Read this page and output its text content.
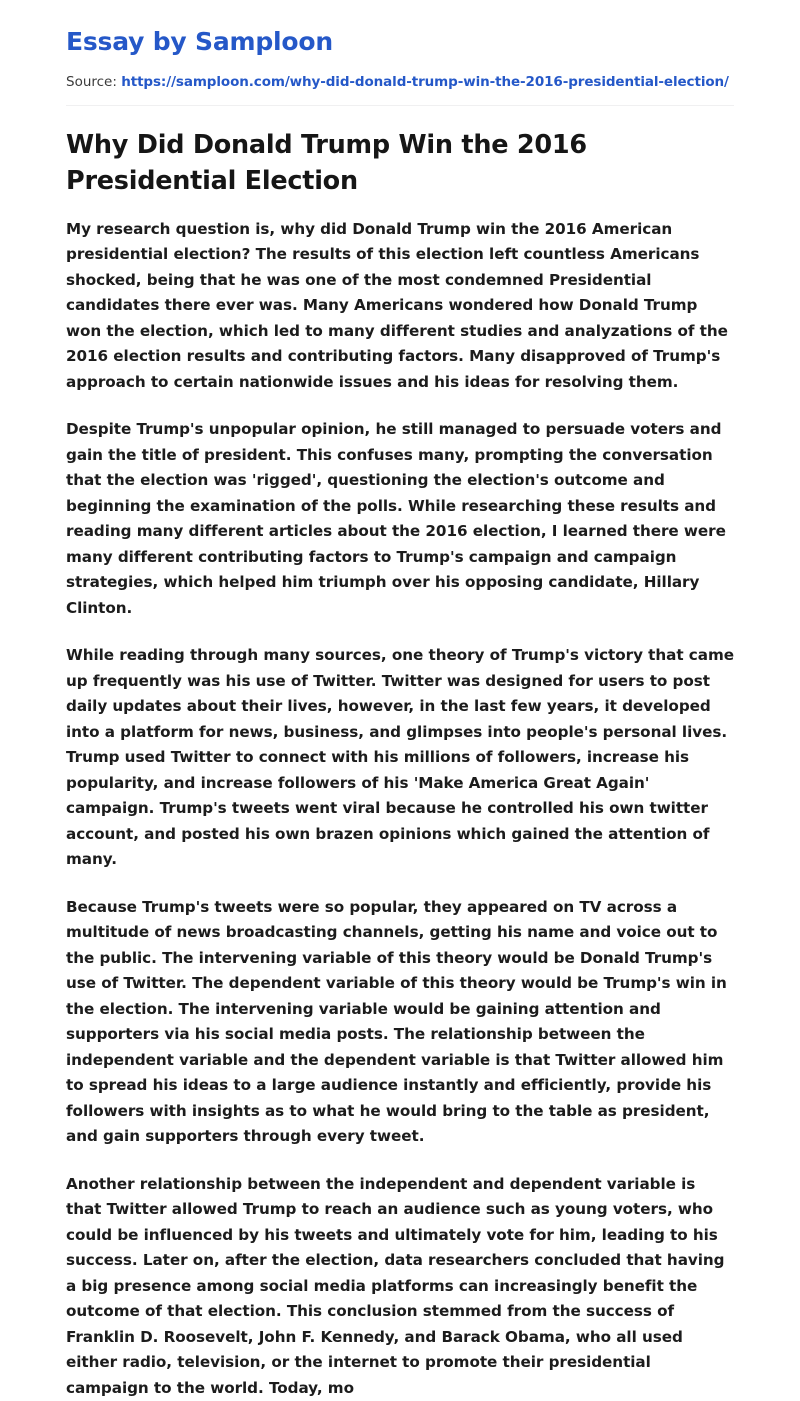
Essay by Samploon
Source: https://samploon.com/why-did-donald-trump-win-the-2016-presidential-election/
Why Did Donald Trump Win the 2016 Presidential Election

My research question is, why did Donald Trump win the 2016 American presidential election? The results of this election left countless Americans shocked, being that he was one of the most condemned Presidential candidates there ever was. Many Americans wondered how Donald Trump won the election, which led to many different studies and analyzations of the 2016 election results and contributing factors. Many disapproved of Trump's approach to certain nationwide issues and his ideas for resolving them.

Despite Trump's unpopular opinion, he still managed to persuade voters and gain the title of president. This confuses many, prompting the conversation that the election was 'rigged', questioning the election's outcome and beginning the examination of the polls. While researching these results and reading many different articles about the 2016 election, I learned there were many different contributing factors to Trump's campaign and campaign strategies, which helped him triumph over his opposing candidate, Hillary Clinton.

While reading through many sources, one theory of Trump's victory that came up frequently was his use of Twitter. Twitter was designed for users to post daily updates about their lives, however, in the last few years, it developed into a platform for news, business, and glimpses into people's personal lives. Trump used Twitter to connect with his millions of followers, increase his popularity, and increase followers of his 'Make America Great Again' campaign. Trump's tweets went viral because he controlled his own twitter account, and posted his own brazen opinions which gained the attention of many.

Because Trump's tweets were so popular, they appeared on TV across a multitude of news broadcasting channels, getting his name and voice out to the public. The intervening variable of this theory would be Donald Trump's use of Twitter. The dependent variable of this theory would be Trump's win in the election. The intervening variable would be gaining attention and supporters via his social media posts. The relationship between the independent variable and the dependent variable is that Twitter allowed him to spread his ideas to a large audience instantly and efficiently, provide his followers with insights as to what he would bring to the table as president, and gain supporters through every tweet.

Another relationship between the independent and dependent variable is that Twitter allowed Trump to reach an audience such as young voters, who could be influenced by his tweets and ultimately vote for him, leading to his success. Later on, after the election, data researchers concluded that having a big presence among social media platforms can increasingly benefit the outcome of that election. This conclusion stemmed from the success of Franklin D. Roosevelt, John F. Kennedy, and Barack Obama, who all used either radio, television, or the internet to promote their presidential campaign to the world. Today, mo
